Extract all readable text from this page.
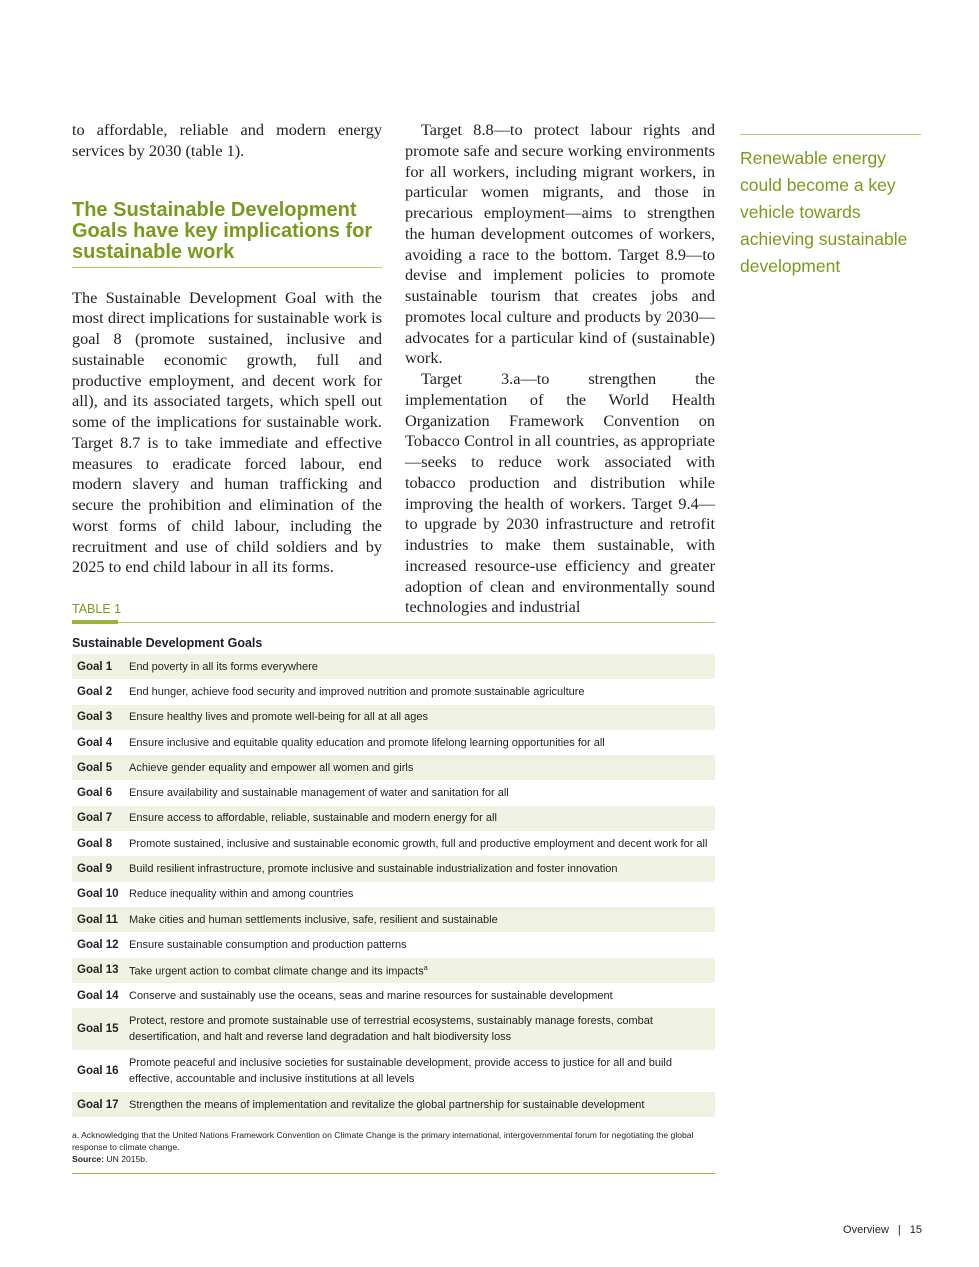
to affordable, reliable and modern energy services by 2030 (table 1).

The Sustainable Development Goals have key implications for sustainable work

The Sustainable Development Goal with the most direct implications for sustainable work is goal 8 (promote sustained, inclusive and sustainable economic growth, full and productive employment, and decent work for all), and its associated targets, which spell out some of the implications for sustainable work. Target 8.7 is to take immediate and effective measures to eradicate forced labour, end modern slavery and human trafficking and secure the prohibition and elimination of the worst forms of child labour, including the recruitment and use of child soldiers and by 2025 to end child labour in all its forms.

Target 8.8—to protect labour rights and promote safe and secure working environments for all workers, including migrant workers, in particular women migrants, and those in precarious employment—aims to strengthen the human development outcomes of workers, avoiding a race to the bottom. Target 8.9—to devise and implement policies to promote sustainable tourism that creates jobs and promotes local culture and products by 2030—advocates for a particular kind of (sustainable) work.

Target 3.a—to strengthen the implementation of the World Health Organization Framework Convention on Tobacco Control in all countries, as appropriate—seeks to reduce work associated with tobacco production and distribution while improving the health of workers. Target 9.4—to upgrade by 2030 infrastructure and retrofit industries to make them sustainable, with increased resource-use efficiency and greater adoption of clean and environmentally sound technologies and industrial

Renewable energy could become a key vehicle towards achieving sustainable development
TABLE 1
Sustainable Development Goals
Goal 1	End poverty in all its forms everywhere
Goal 2	End hunger, achieve food security and improved nutrition and promote sustainable agriculture
Goal 3	Ensure healthy lives and promote well-being for all at all ages
Goal 4	Ensure inclusive and equitable quality education and promote lifelong learning opportunities for all
Goal 5	Achieve gender equality and empower all women and girls
Goal 6	Ensure availability and sustainable management of water and sanitation for all
Goal 7	Ensure access to affordable, reliable, sustainable and modern energy for all
Goal 8	Promote sustained, inclusive and sustainable economic growth, full and productive employment and decent work for all
Goal 9	Build resilient infrastructure, promote inclusive and sustainable industrialization and foster innovation
Goal 10	Reduce inequality within and among countries
Goal 11	Make cities and human settlements inclusive, safe, resilient and sustainable
Goal 12	Ensure sustainable consumption and production patterns
Goal 13	Take urgent action to combat climate change and its impacts$^a$
Goal 14	Conserve and sustainably use the oceans, seas and marine resources for sustainable development
Goal 15	Protect, restore and promote sustainable use of terrestrial ecosystems, sustainably manage forests, combat desertification, and halt and reverse land degradation and halt biodiversity loss
Goal 16	Promote peaceful and inclusive societies for sustainable development, provide access to justice for all and build effective, accountable and inclusive institutions at all levels
Goal 17	Strengthen the means of implementation and revitalize the global partnership for sustainable development
a. Acknowledging that the United Nations Framework Convention on Climate Change is the primary international, intergovernmental forum for negotiating the global response to climate change.
Source: UN 2015b.
Overview | 15
